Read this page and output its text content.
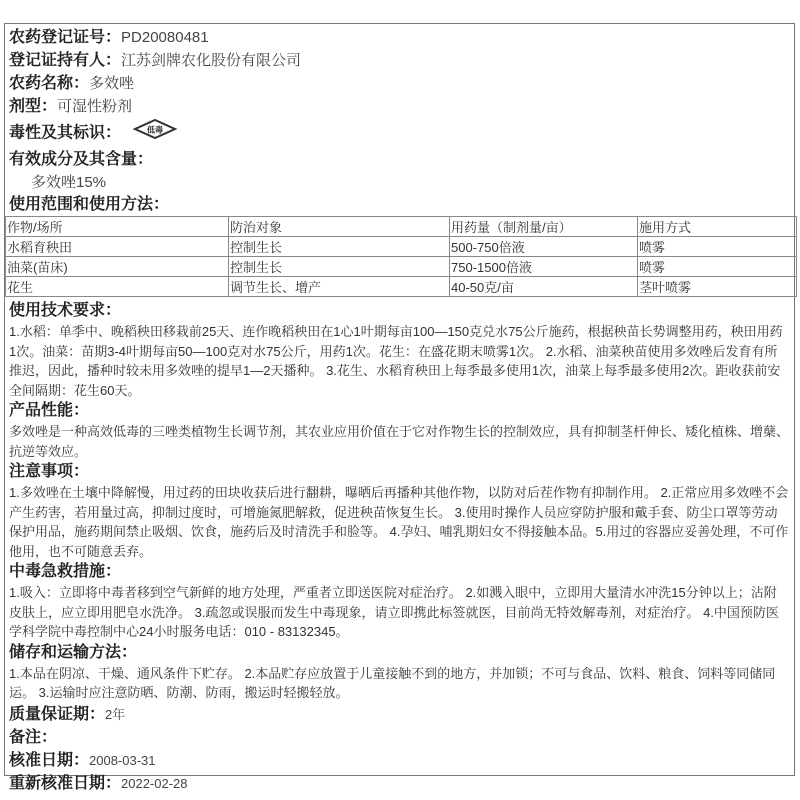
农药登记证号：PD20080481
登记证持有人：江苏剑牌农化股份有限公司
农药名称：多效唑
剂型：可湿性粉剂
毒性及其标识：	低毒
有效成分及其含量：
多效唑15%
使用范围和使用方法：
作物/场所	防治对象	用药量（制剂量/亩）	施用方式
水稻育秧田	控制生长	500-750倍液	喷雾
油菜(苗床)	控制生长	750-1500倍液	喷雾
花生	调节生长、增产	40-50克/亩	茎叶喷雾
使用技术要求：
1.水稻：单季中、晚稻秧田移栽前25天、连作晚稻秧田在1心1叶期每亩100—150克兑水75公斤施药，根据秧苗长势调整用药，秧田用药1次。油菜：苗期3-4叶期每亩50—100克对水75公斤，用药1次。花生：在盛花期末喷雾1次。 2.水稻、油菜秧苗使用多效唑后发育有所推迟，因此，播种时较未用多效唑的提早1—2天播种。 3.花生、水稻育秧田上每季最多使用1次，油菜上每季最多使用2次。距收获前安全间隔期：花生60天。
产品性能：
多效唑是一种高效低毒的三唑类植物生长调节剂，其农业应用价值在于它对作物生长的控制效应，具有抑制茎杆伸长、矮化植株、增蘖、抗逆等效应。
注意事项：
1.多效唑在土壤中降解慢，用过药的田块收获后进行翻耕，曝晒后再播种其他作物，以防对后茬作物有抑制作用。 2.正常应用多效唑不会产生药害，若用量过高，抑制过度时，可增施氮肥解救，促进秧苗恢复生长。 3.使用时操作人员应穿防护服和戴手套、防尘口罩等劳动保护用品，施药期间禁止吸烟、饮食，施药后及时清洗手和脸等。 4.孕妇、哺乳期妇女不得接触本品。5.用过的容器应妥善处理，不可作他用，也不可随意丢弃。
中毒急救措施：
1.吸入：立即将中毒者移到空气新鲜的地方处理，严重者立即送医院对症治疗。 2.如溅入眼中，立即用大量清水冲洗15分钟以上；沾附皮肤上，应立即用肥皂水洗净。 3.疏忽或误服而发生中毒现象，请立即携此标签就医，目前尚无特效解毒剂，对症治疗。 4.中国预防医学科学院中毒控制中心24小时服务电话：010 - 83132345。
储存和运输方法：
1.本品在阴凉、干燥、通风条件下贮存。 2.本品贮存应放置于儿童接触不到的地方，并加锁；不可与食品、饮料、粮食、饲料等同储同运。 3.运输时应注意防晒、防潮、防雨，搬运时轻搬轻放。
质量保证期：2年
备注：
核准日期：2008-03-31
重新核准日期：2022-02-28
